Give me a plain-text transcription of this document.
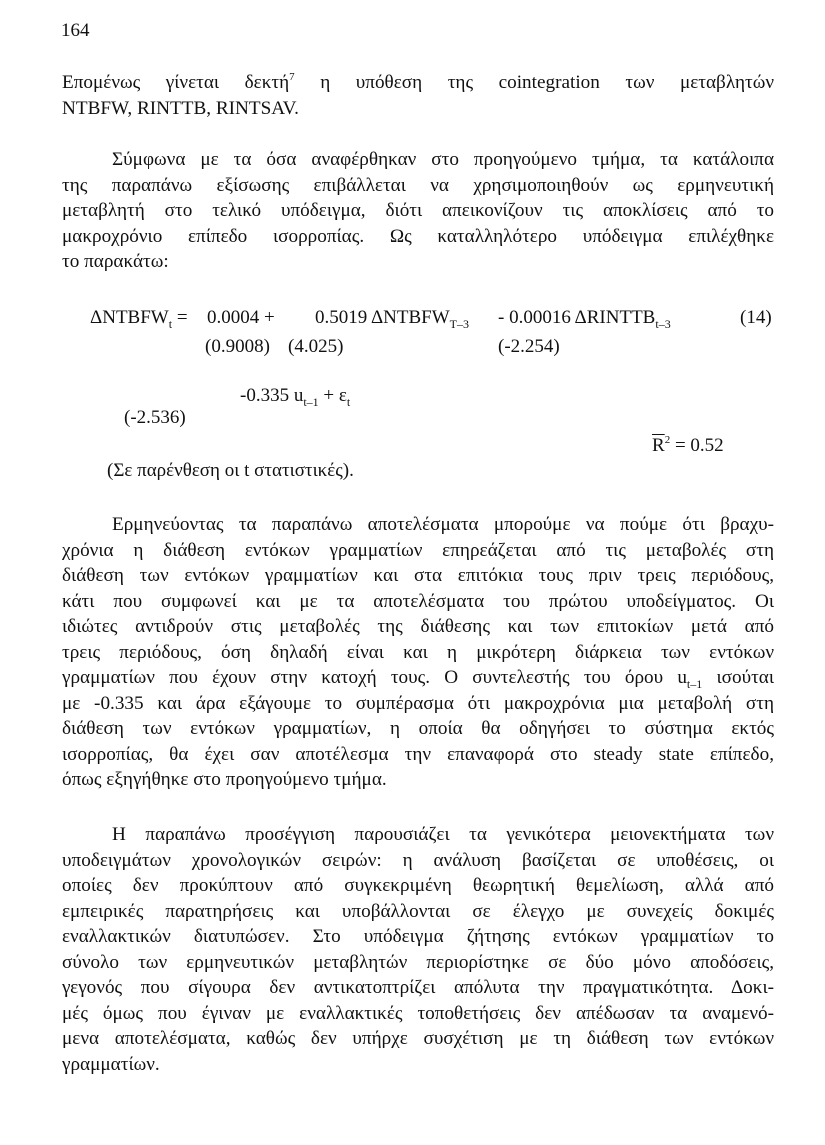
164
Επομένως γίνεται δεκτή$^7$ η υπόθεση της cointegration των μεταβλητών
NTBFW, RINTTB, RINTSAV.
Σύμφωνα με τα όσα αναφέρθηκαν στο προηγούμενο τμήμα, τα κατάλοιπα
της παραπάνω εξίσωσης επιβάλλεται να χρησιμοποιηθούν ως ερμηνευτική
μεταβλητή στο τελικό υπόδειγμα, διότι απεικονίζουν τις αποκλίσεις από το
μακροχρόνιο επίπεδο ισορροπίας. Ως καταλληλότερο υπόδειγμα επιλέχθηκε
το παρακάτω:
$\Delta NTBFW_t = 0.0004 + 0.5019$ $\Delta NTBFW_{T-3} - 0.00016$ $\Delta RINTTB_{t-3}$	(14)
(0.9008) (4.025)	(-2.254)
-0.335 $u_{t-1} + \varepsilon_t$
(-2.536)
$\overline{R}^2 = 0.52$
(Σε παρένθεση οι t στατιστικές).
Ερμηνεύοντας τα παραπάνω αποτελέσματα μπορούμε να πούμε ότι βραχυ-
χρόνια η διάθεση εντόκων γραμματίων επηρεάζεται από τις μεταβολές στη
διάθεση των εντόκων γραμματίων και στα επιτόκια τους πριν τρεις περιόδους,
κάτι που συμφωνεί και με τα αποτελέσματα του πρώτου υποδείγματος. Οι
ιδιώτες αντιδρούν στις μεταβολές της διάθεσης και των επιτοκίων μετά από
τρεις περιόδους, όση δηλαδή είναι και η μικρότερη διάρκεια των εντόκων
γραμματίων που έχουν στην κατοχή τους. Ο συντελεστής του όρου $u_{t-1}$ ισούται
με -0.335 και άρα εξάγουμε το συμπέρασμα ότι μακροχρόνια μια μεταβολή στη
διάθεση των εντόκων γραμματίων, η οποία θα οδηγήσει το σύστημα εκτός
ισορροπίας, θα έχει σαν αποτέλεσμα την επαναφορά στο steady state επίπεδο,
όπως εξηγήθηκε στο προηγούμενο τμήμα.
Η παραπάνω προσέγγιση παρουσιάζει τα γενικότερα μειονεκτήματα των
υποδειγμάτων χρονολογικών σειρών: η ανάλυση βασίζεται σε υποθέσεις, οι
οποίες δεν προκύπτουν από συγκεκριμένη θεωρητική θεμελίωση, αλλά από
εμπειρικές παρατηρήσεις και υποβάλλονται σε έλεγχο με συνεχείς δοκιμές
εναλλακτικών διατυπώσεν. Στο υπόδειγμα ζήτησης εντόκων γραμματίων το
σύνολο των ερμηνευτικών μεταβλητών περιορίστηκε σε δύο μόνο αποδόσεις,
γεγονός που σίγουρα δεν αντικατοπτρίζει απόλυτα την πραγματικότητα. Δοκι-
μές όμως που έγιναν με εναλλακτικές τοποθετήσεις δεν απέδωσαν τα αναμενό-
μενα αποτελέσματα, καθώς δεν υπήρχε συσχέτιση με τη διάθεση των εντόκων
γραμματίων.
